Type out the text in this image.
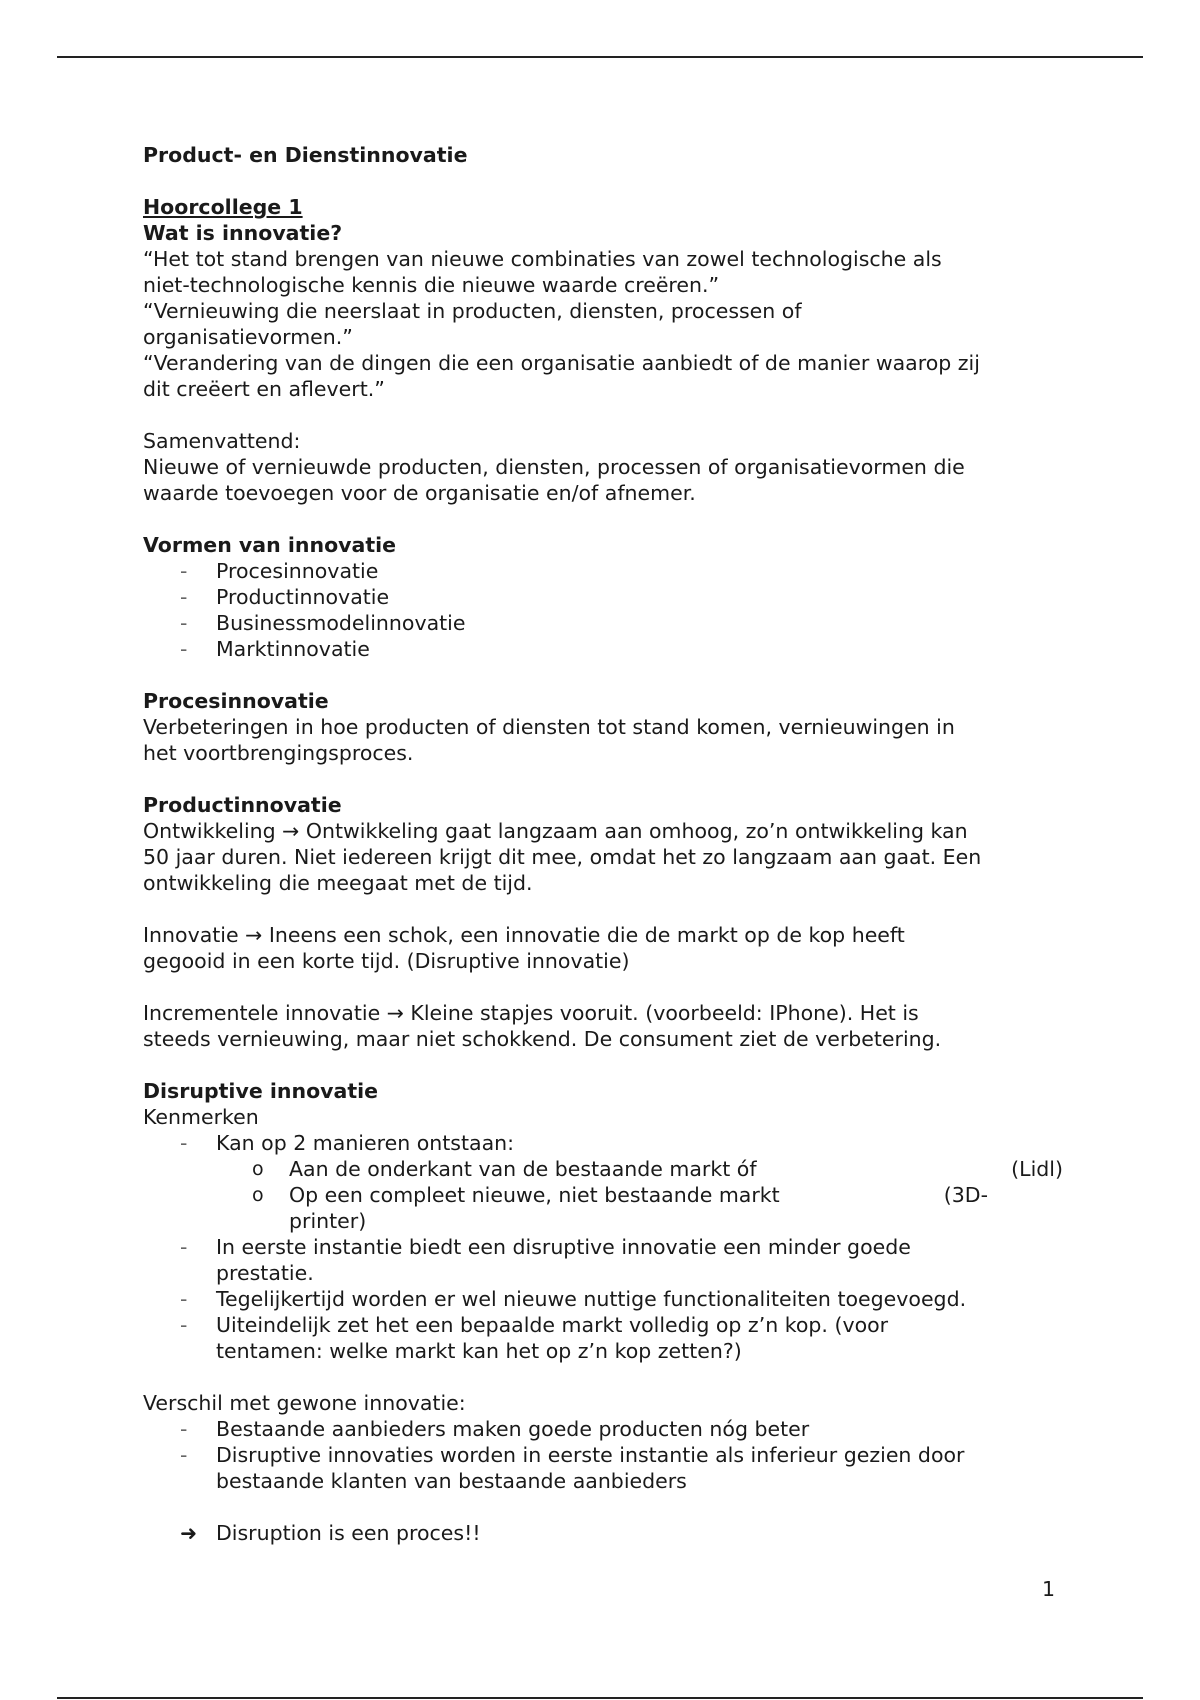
Product- en Dienstinnovatie
Hoorcollege 1
Wat is innovatie?
“Het tot stand brengen van nieuwe combinaties van zowel technologische als
niet-technologische kennis die nieuwe waarde creëren.”
“Vernieuwing die neerslaat in producten, diensten, processen of
organisatievormen.”
“Verandering van de dingen die een organisatie aanbiedt of de manier waarop zij
dit creëert en aflevert.”
Samenvattend:
Nieuwe of vernieuwde producten, diensten, processen of organisatievormen die
waarde toevoegen voor de organisatie en/of afnemer.
Vormen van innovatie
- Procesinnovatie
- Productinnovatie
- Businessmodelinnovatie
- Marktinnovatie
Procesinnovatie
Verbeteringen in hoe producten of diensten tot stand komen, vernieuwingen in
het voortbrengingsproces.
Productinnovatie
Ontwikkeling → Ontwikkeling gaat langzaam aan omhoog, zo’n ontwikkeling kan
50 jaar duren. Niet iedereen krijgt dit mee, omdat het zo langzaam aan gaat. Een
ontwikkeling die meegaat met de tijd.
Innovatie → Ineens een schok, een innovatie die de markt op de kop heeft
gegooid in een korte tijd. (Disruptive innovatie)
Incrementele innovatie → Kleine stapjes vooruit. (voorbeeld: IPhone). Het is
steeds vernieuwing, maar niet schokkend. De consument ziet de verbetering.
Disruptive innovatie
Kenmerken
- Kan op 2 manieren ontstaan:
o Aan de onderkant van de bestaande markt óf	(Lidl)
o Op een compleet nieuwe, niet bestaande markt	(3D-
printer)
- In eerste instantie biedt een disruptive innovatie een minder goede
prestatie.
- Tegelijkertijd worden er wel nieuwe nuttige functionaliteiten toegevoegd.
- Uiteindelijk zet het een bepaalde markt volledig op z’n kop. (voor
tentamen: welke markt kan het op z’n kop zetten?)
Verschil met gewone innovatie:
- Bestaande aanbieders maken goede producten nóg beter
- Disruptive innovaties worden in eerste instantie als inferieur gezien door
bestaande klanten van bestaande aanbieders
➜ Disruption is een proces!!
1
